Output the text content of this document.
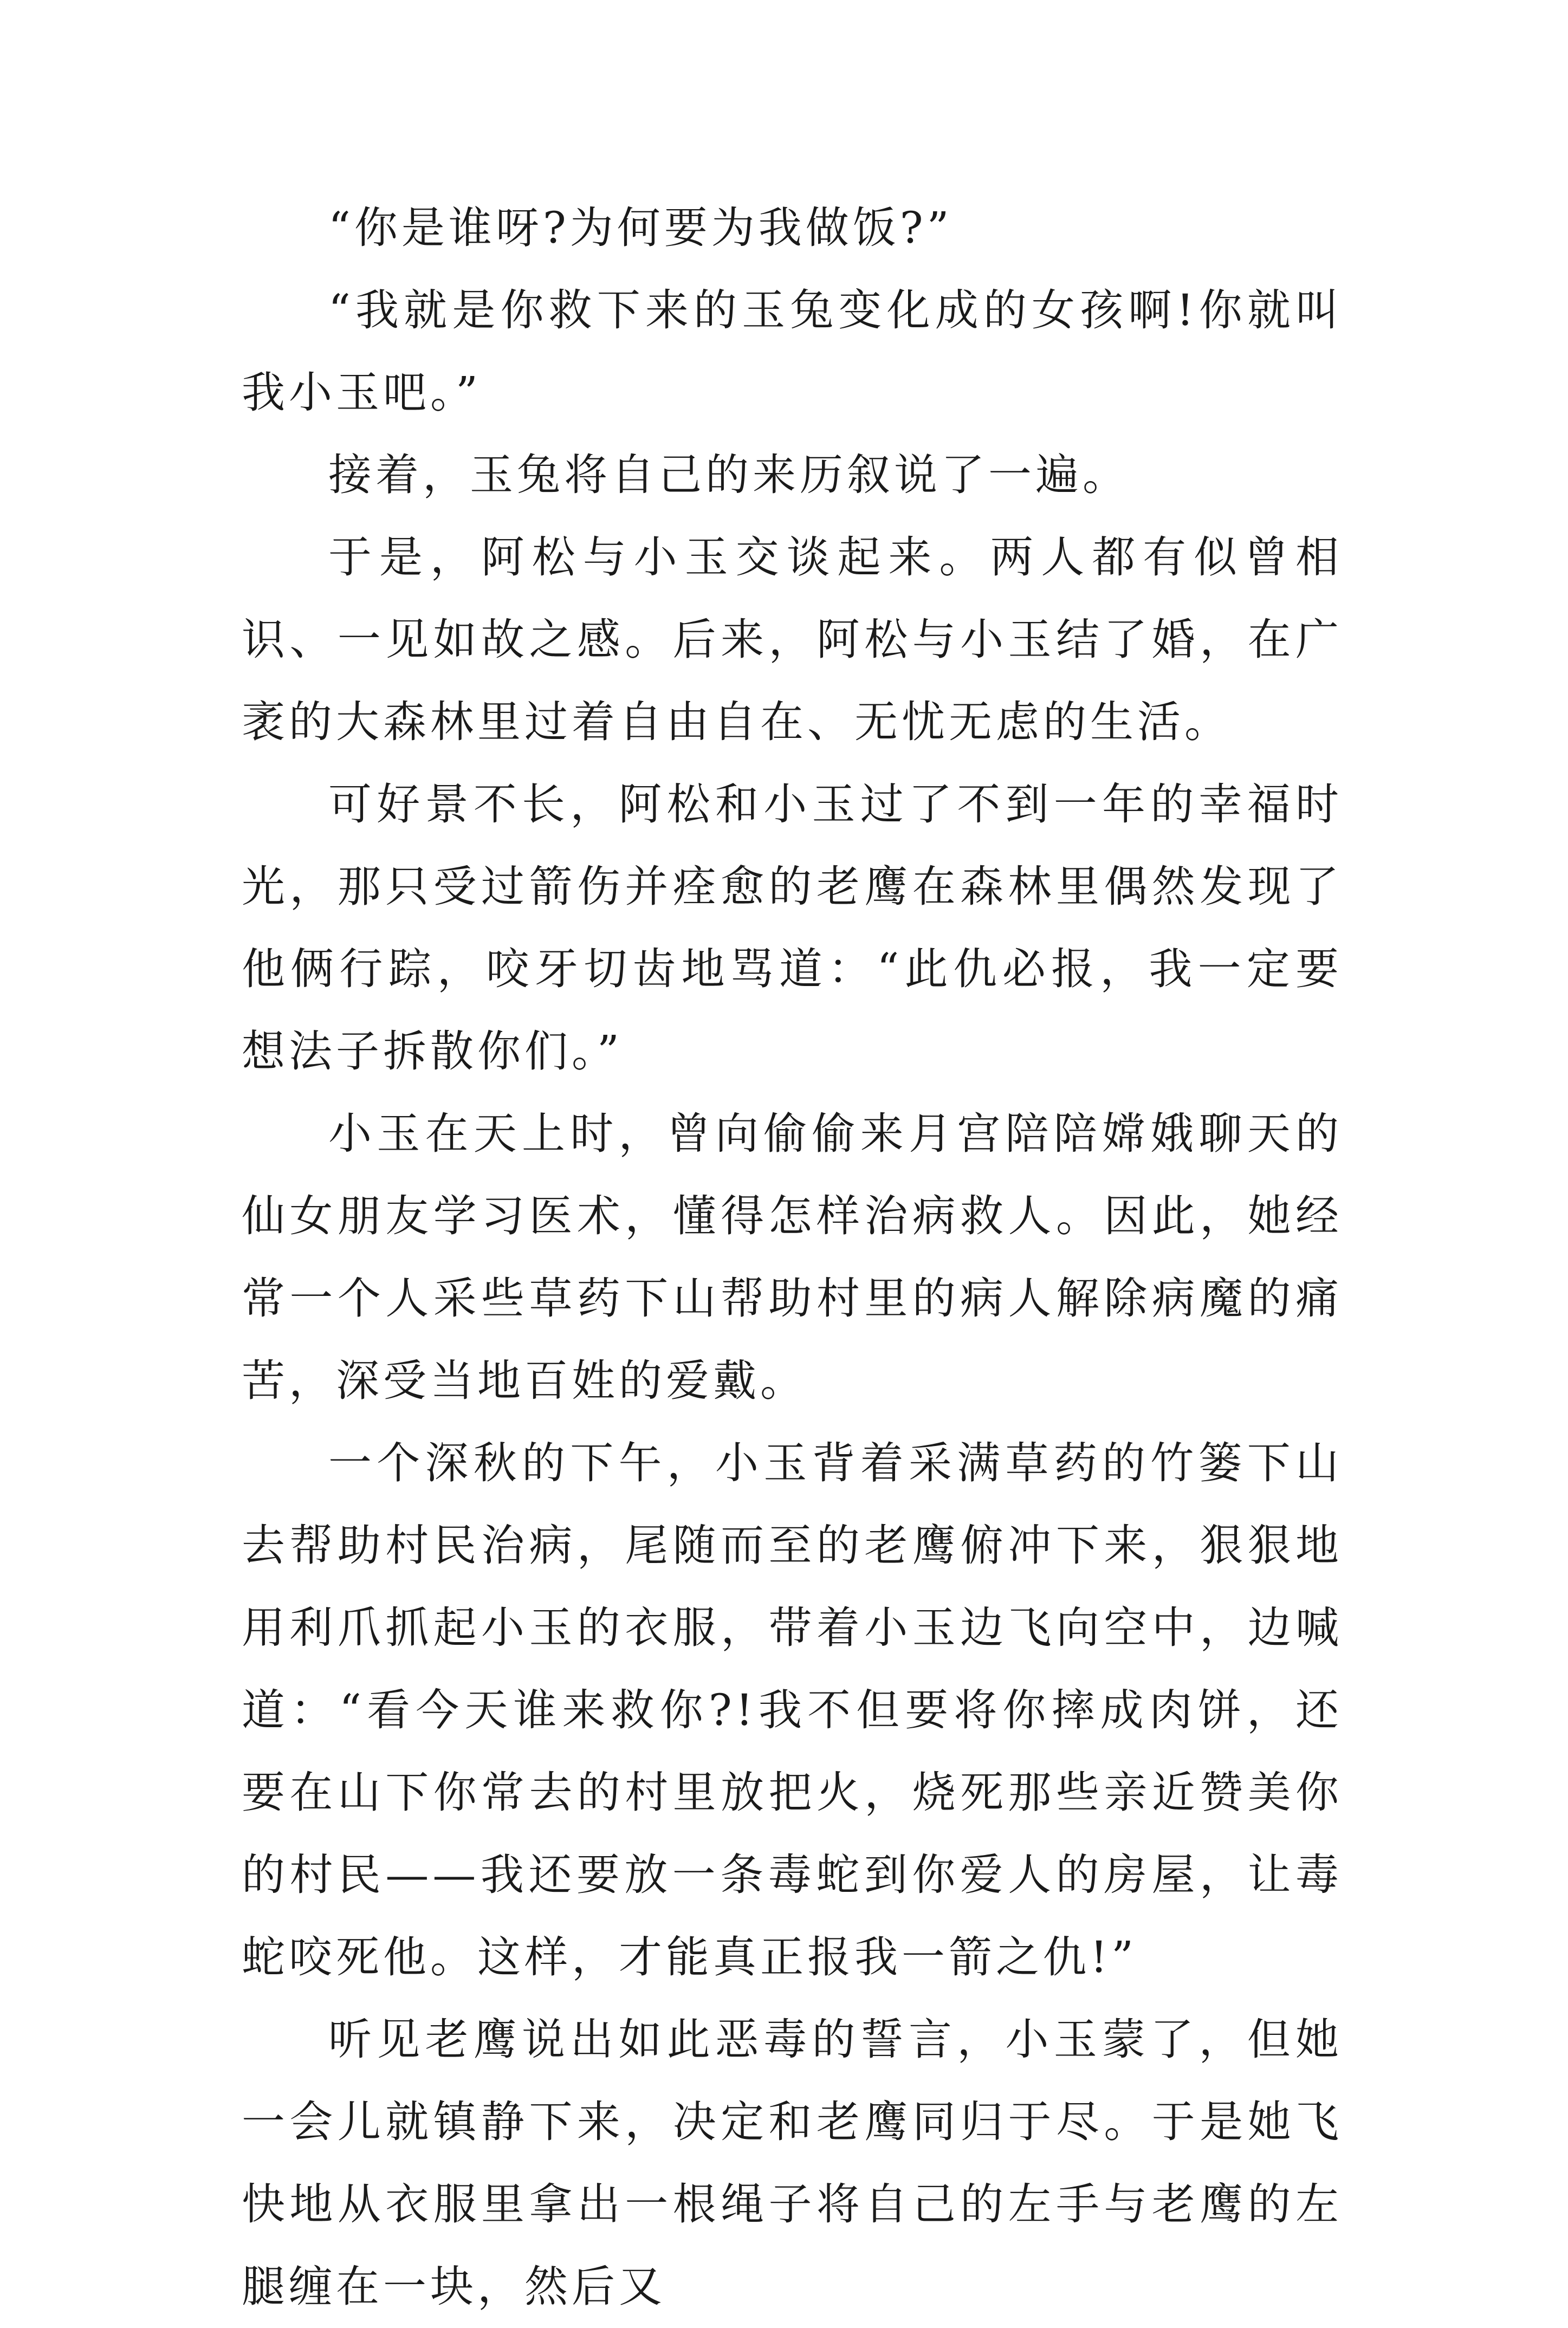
“你是谁呀?为何要为我做饭?”

“我就是你救下来的玉兔变化成的女孩啊!你就叫我小玉吧。”

接着，玉兔将自己的来历叙说了一遍。

于是，阿松与小玉交谈起来。两人都有似曾相识、一见如故之感。后来，阿松与小玉结了婚，在广袤的大森林里过着自由自在、无忧无虑的生活。

可好景不长，阿松和小玉过了不到一年的幸福时光，那只受过箭伤并痊愈的老鹰在森林里偶然发现了他俩行踪，咬牙切齿地骂道：“此仇必报，我一定要想法子拆散你们。”

小玉在天上时，曾向偷偷来月宫陪陪嫦娥聊天的仙女朋友学习医术，懂得怎样治病救人。因此，她经常一个人采些草药下山帮助村里的病人解除病魔的痛苦，深受当地百姓的爱戴。

一个深秋的下午，小玉背着采满草药的竹篓下山去帮助村民治病，尾随而至的老鹰俯冲下来，狠狠地用利爪抓起小玉的衣服，带着小玉边飞向空中，边喊道：“看今天谁来救你?!我不但要将你摔成肉饼，还要在山下你常去的村里放把火，烧死那些亲近赞美你的村民——我还要放一条毒蛇到你爱人的房屋，让毒蛇咬死他。这样，才能真正报我一箭之仇!”

听见老鹰说出如此恶毒的誓言，小玉蒙了，但她一会儿就镇静下来，决定和老鹰同归于尽。于是她飞快地从衣服里拿出一根绳子将自己的左手与老鹰的左腿缠在一块，然后又
